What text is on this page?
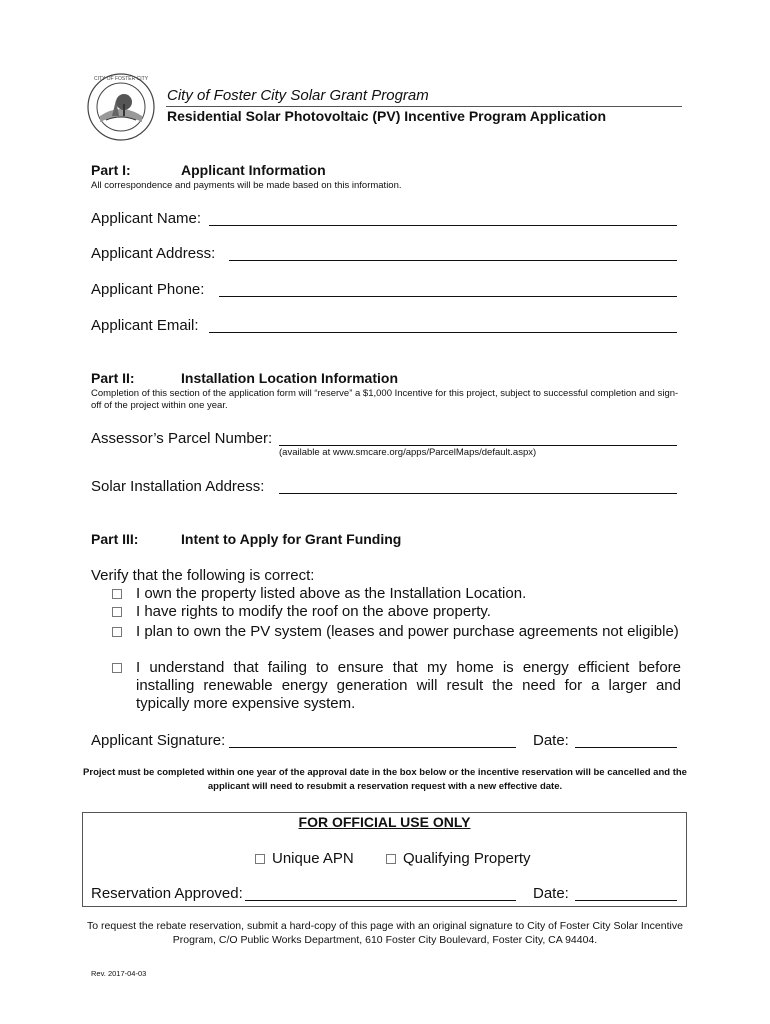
CITY OF FOSTER CITY
City of Foster City Solar Grant Program
Residential Solar Photovoltaic (PV) Incentive Program Application
Part I:	Applicant Information
All correspondence and payments will be made based on this information.
Applicant Name:
Applicant Address:
Applicant Phone:
Applicant Email:
Part II:	Installation Location Information
Completion of this section of the application form will “reserve” a $1,000 Incentive for this project, subject to successful completion and sign-off of the project within one year.
Assessor’s Parcel Number:
(available at www.smcare.org/apps/ParcelMaps/default.aspx)
Solar Installation Address:
Part III:	Intent to Apply for Grant Funding
Verify that the following is correct:
I own the property listed above as the Installation Location.
I have rights to modify the roof on the above property.
I plan to own the PV system (leases and power purchase agreements not eligible)
I understand that failing to ensure that my home is energy efficient before installing renewable energy generation will result the need for a larger and typically more expensive system.
Applicant Signature:	Date:
Project must be completed within one year of the approval date in the box below or the incentive reservation will be cancelled and the applicant will need to resubmit a reservation request with a new effective date.
FOR OFFICIAL USE ONLY
Unique APN	Qualifying Property
Reservation Approved:	Date:
To request the rebate reservation, submit a hard-copy of this page with an original signature to City of Foster City Solar Incentive Program, C/O Public Works Department, 610 Foster City Boulevard, Foster City, CA 94404.
Rev. 2017-04-03
